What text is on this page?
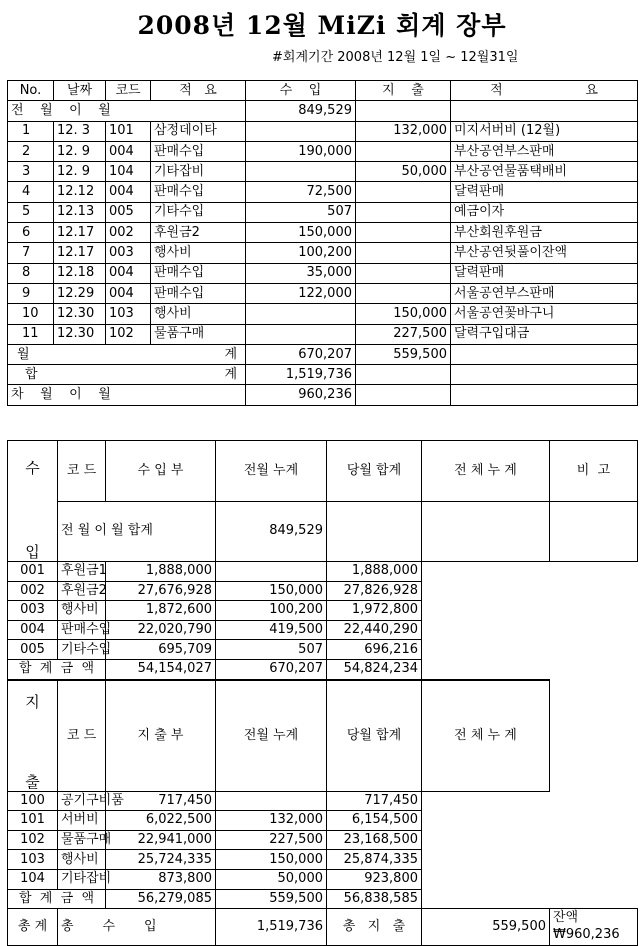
2008년 12월 MiZi 회계 장부
#회계기간 2008년 12월 1일 ~ 12월31일
No.	날짜	코드	적   요	수    입	지    출	적                    요
전    월    이    월				849,529		
1	12. 3	101	삼정데이타		132,000	미지서버비 (12월)
2	12. 9	004	판매수입	190,000		부산공연부스판매
3	12. 9	104	기타잡비		50,000	부산공연물품택배비
4	12.12	004	판매수입	72,500		달력판매
5	12.13	005	기타수입	507		예금이자
6	12.17	002	후원금2	150,000		부산회원후원금
7	12.17	003	행사비	100,200		부산공연뒷풀이잔액
8	12.18	004	판매수입	35,000		달력판매
9	12.29	004	판매수입	122,000		서울공연부스판매
10	12.30	103	행사비		150,000	서울공연꽃바구니
11	12.30	102	물품구매		227,500	달력구입대금
월 계				670,207	559,500	
합 계				1,519,736		
차    월    이    월				960,236		
수
입	코 드	수 입 부	전월 누계	당월 합계	전 체 누 계	비  고
	전 월 이 월 합계		849,529			
001	후원금1	1,888,000		1,888,000		
002	후원금2	27,676,928	150,000	27,826,928		
003	행사비	1,872,600	100,200	1,972,800		
004	판매수입	22,020,790	419,500	22,440,290		
005	기타수입	695,709	507	696,216		
합  계  금  액		54,154,027	670,207	54,824,234		

지
출	코 드	지 출 부	전월 누계	당월 합계	전 체 누 계	
100	공기구비품	717,450		717,450		
101	서버비	6,022,500	132,000	6,154,500		
102	물품구매	22,941,000	227,500	23,168,500		
103	행사비	25,724,335	150,000	25,874,335		
104	기타잡비	873,800	50,000	923,800		
합  계  금  액		56,279,085	559,500	56,838,585		
총 계	총       수       입		1,519,736	총   지   출	559,500	잔액
₩960,236
